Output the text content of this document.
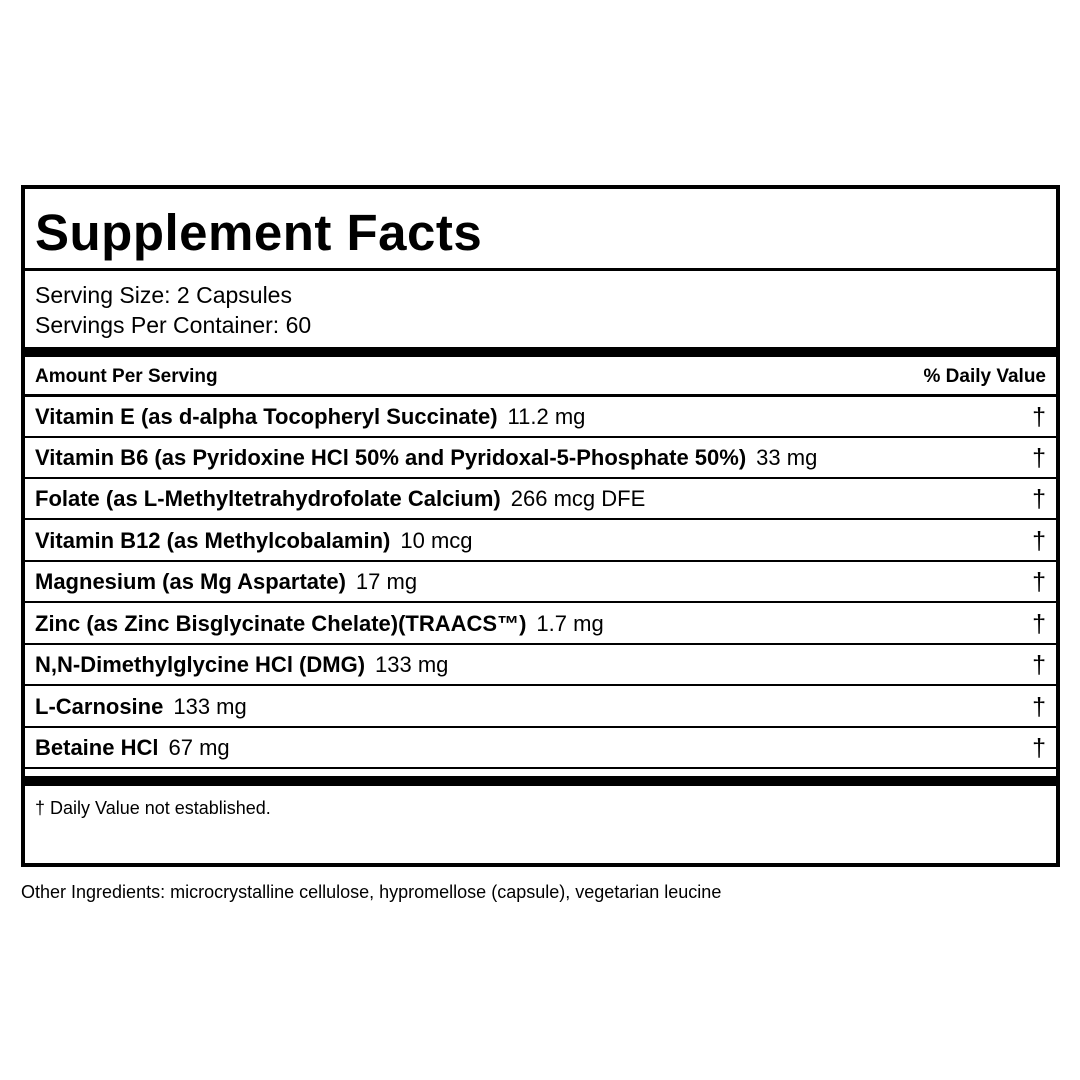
Supplement Facts
Serving Size: 2 Capsules
Servings Per Container: 60
Amount Per Serving	% Daily Value
Vitamin E (as d-alpha Tocopheryl Succinate) 11.2 mg	†
Vitamin B6 (as Pyridoxine HCl 50% and Pyridoxal-5-Phosphate 50%) 33 mg	†
Folate (as L-Methyltetrahydrofolate Calcium) 266 mcg DFE	†
Vitamin B12 (as Methylcobalamin) 10 mcg	†
Magnesium (as Mg Aspartate) 17 mg	†
Zinc (as Zinc Bisglycinate Chelate)(TRAACS™) 1.7 mg	†
N,N-Dimethylglycine HCl (DMG) 133 mg	†
L-Carnosine 133 mg	†
Betaine HCl 67 mg	†
† Daily Value not established.
Other Ingredients: microcrystalline cellulose, hypromellose (capsule), vegetarian leucine
